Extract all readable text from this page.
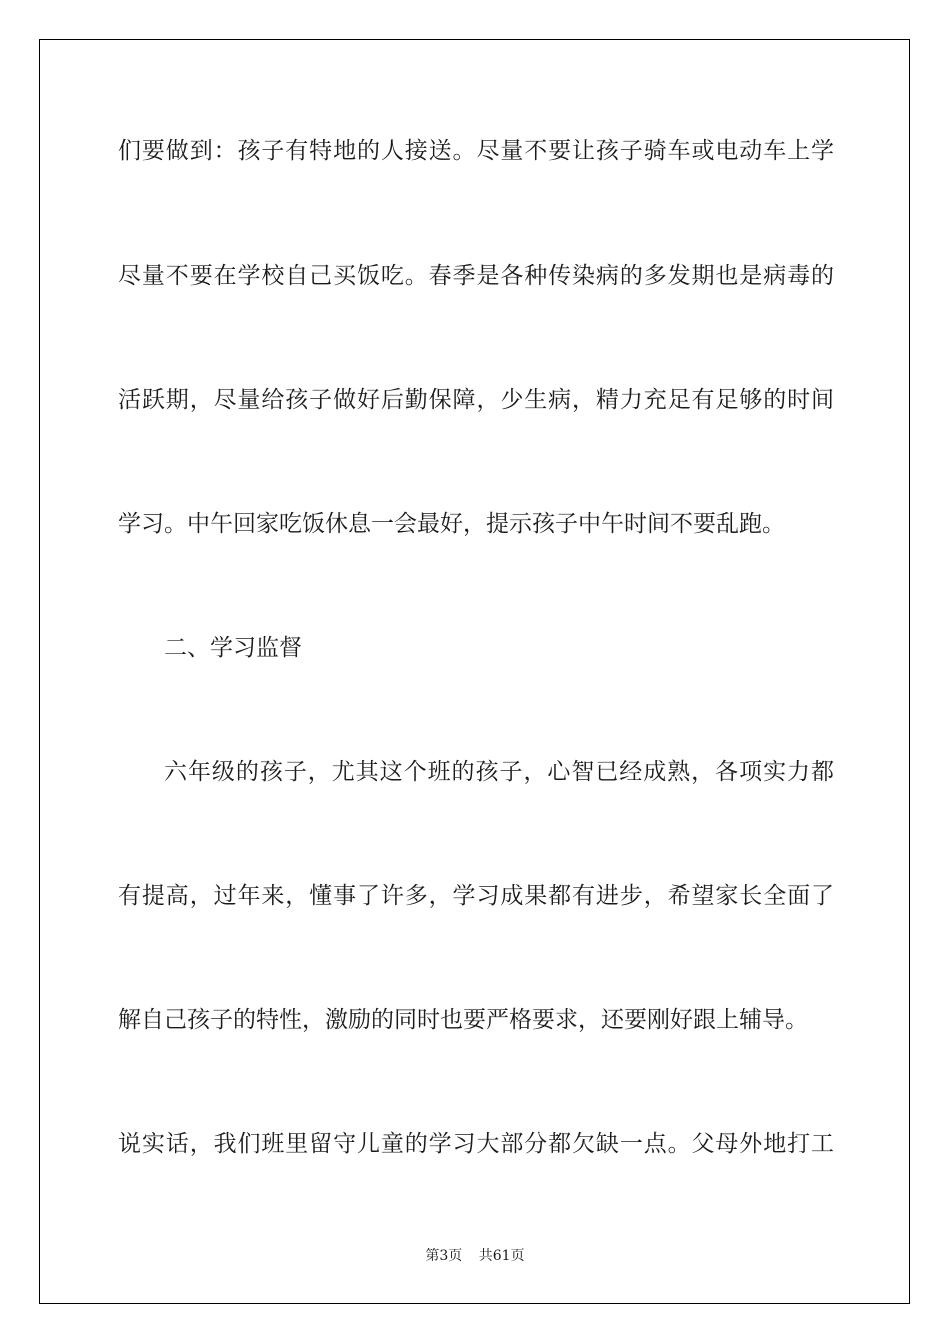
们要做到：孩子有特地的人接送。尽量不要让孩子骑车或电动车上学
尽量不要在学校自己买饭吃。春季是各种传染病的多发期也是病毒的
活跃期，尽量给孩子做好后勤保障，少生病，精力充足有足够的时间
学习。中午回家吃饭休息一会最好，提示孩子中午时间不要乱跑。
二、学习监督
六年级的孩子，尤其这个班的孩子，心智已经成熟，各项实力都
有提高，过年来，懂事了许多，学习成果都有进步，希望家长全面了
解自己孩子的特性，激励的同时也要严格要求，还要刚好跟上辅导。
说实话，我们班里留守儿童的学习大部分都欠缺一点。父母外地打工
第3页 共61页
